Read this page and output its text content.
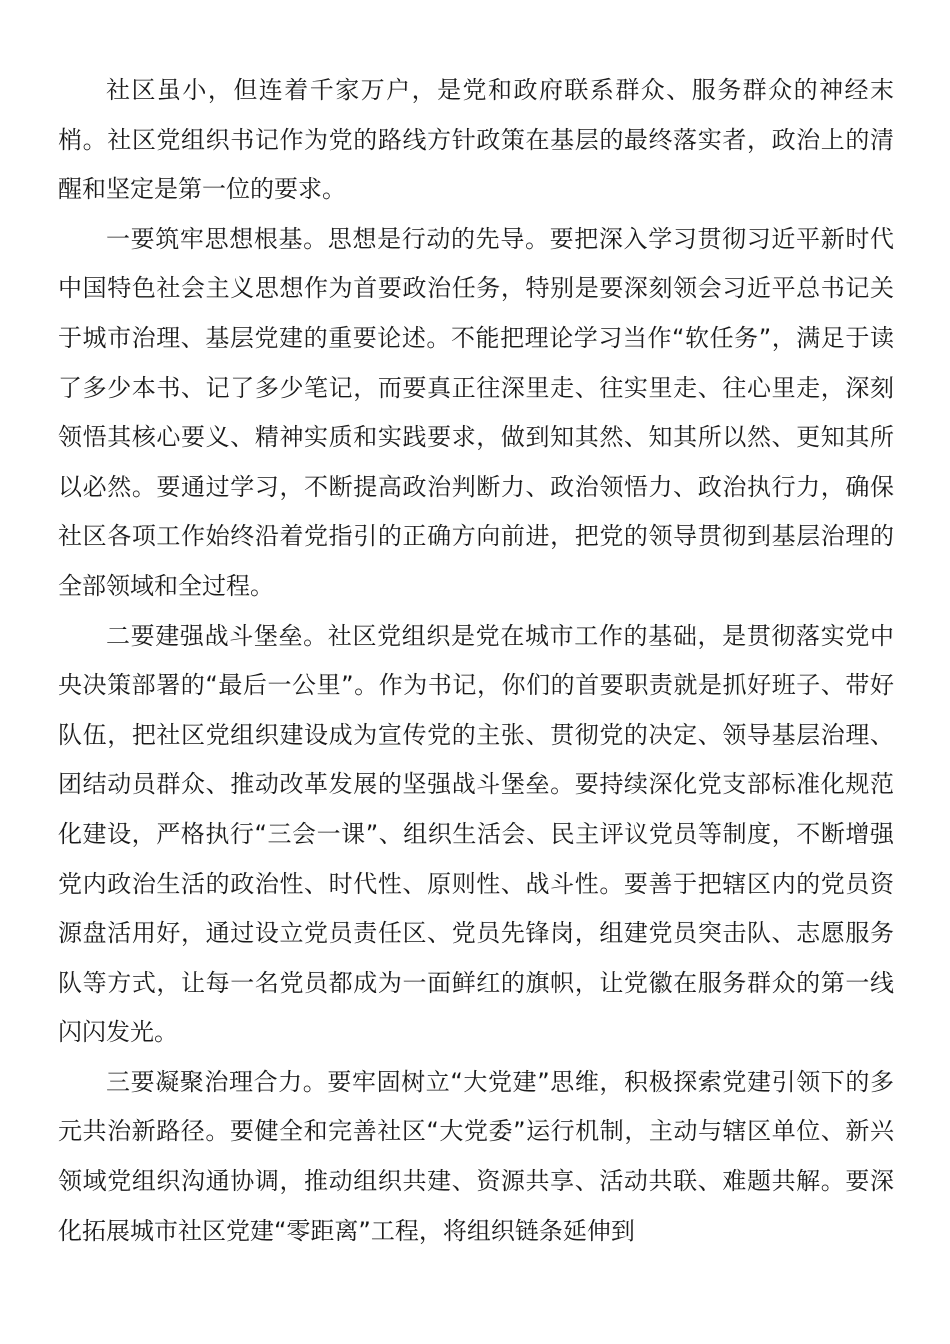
社区虽小，但连着千家万户，是党和政府联系群众、服务群众的神经末梢。社区党组织书记作为党的路线方针政策在基层的最终落实者，政治上的清醒和坚定是第一位的要求。

一要筑牢思想根基。思想是行动的先导。要把深入学习贯彻习近平新时代中国特色社会主义思想作为首要政治任务，特别是要深刻领会习近平总书记关于城市治理、基层党建的重要论述。不能把理论学习当作“软任务”，满足于读了多少本书、记了多少笔记，而要真正往深里走、往实里走、往心里走，深刻领悟其核心要义、精神实质和实践要求，做到知其然、知其所以然、更知其所以必然。要通过学习，不断提高政治判断力、政治领悟力、政治执行力，确保社区各项工作始终沿着党指引的正确方向前进，把党的领导贯彻到基层治理的全部领域和全过程。

二要建强战斗堡垒。社区党组织是党在城市工作的基础，是贯彻落实党中央决策部署的“最后一公里”。作为书记，你们的首要职责就是抓好班子、带好队伍，把社区党组织建设成为宣传党的主张、贯彻党的决定、领导基层治理、团结动员群众、推动改革发展的坚强战斗堡垒。要持续深化党支部标准化规范化建设，严格执行“三会一课”、组织生活会、民主评议党员等制度，不断增强党内政治生活的政治性、时代性、原则性、战斗性。要善于把辖区内的党员资源盘活用好，通过设立党员责任区、党员先锋岗，组建党员突击队、志愿服务队等方式，让每一名党员都成为一面鲜红的旗帜，让党徽在服务群众的第一线闪闪发光。

三要凝聚治理合力。要牢固树立“大党建”思维，积极探索党建引领下的多元共治新路径。要健全和完善社区“大党委”运行机制，主动与辖区单位、新兴领域党组织沟通协调，推动组织共建、资源共享、活动共联、难题共解。要深化拓展城市社区党建“零距离”工程，将组织链条延伸到
